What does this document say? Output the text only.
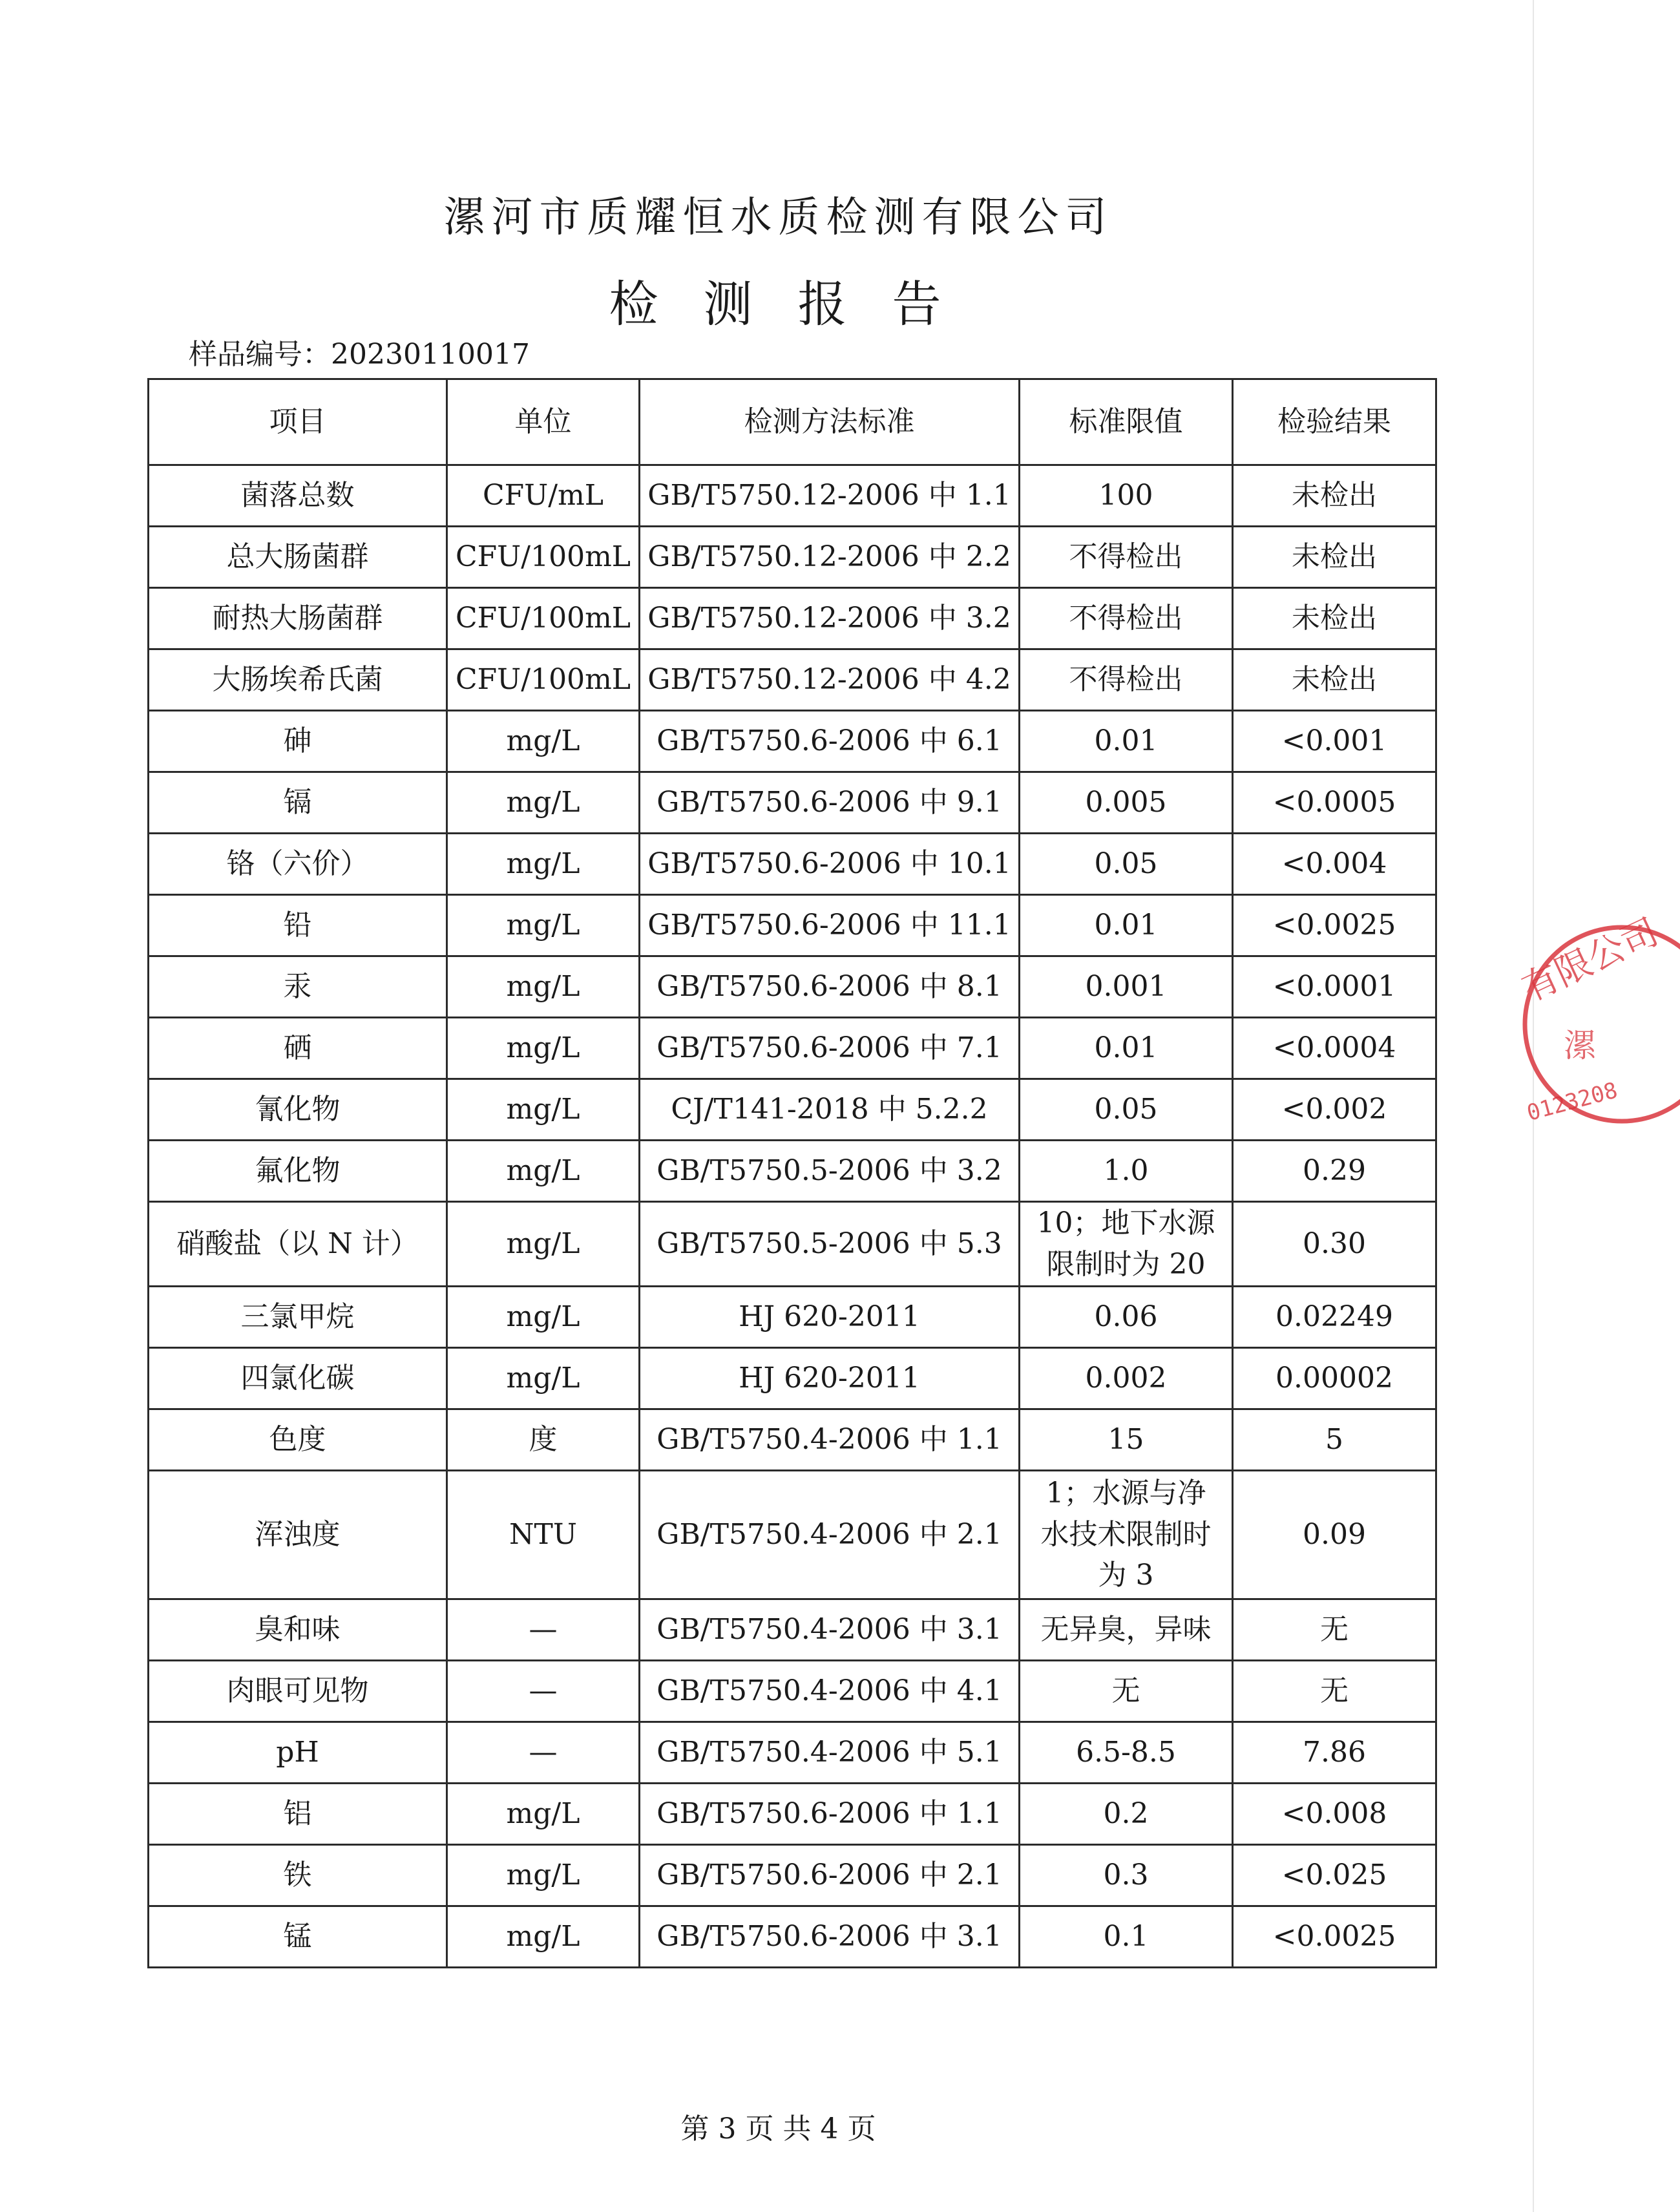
漯河市质耀恒水质检测有限公司
检测报告
样品编号：20230110017
项目	单位	检测方法标准	标准限值	检验结果
菌落总数	CFU/mL	GB/T5750.12-2006 中 1.1	100	未检出
总大肠菌群	CFU/100mL	GB/T5750.12-2006 中 2.2	不得检出	未检出
耐热大肠菌群	CFU/100mL	GB/T5750.12-2006 中 3.2	不得检出	未检出
大肠埃希氏菌	CFU/100mL	GB/T5750.12-2006 中 4.2	不得检出	未检出
砷	mg/L	GB/T5750.6-2006 中 6.1	0.01	<0.001
镉	mg/L	GB/T5750.6-2006 中 9.1	0.005	<0.0005
铬（六价）	mg/L	GB/T5750.6-2006 中 10.1	0.05	<0.004
铅	mg/L	GB/T5750.6-2006 中 11.1	0.01	<0.0025
汞	mg/L	GB/T5750.6-2006 中 8.1	0.001	<0.0001
硒	mg/L	GB/T5750.6-2006 中 7.1	0.01	<0.0004
氰化物	mg/L	CJ/T141-2018 中 5.2.2	0.05	<0.002
氟化物	mg/L	GB/T5750.5-2006 中 3.2	1.0	0.29
硝酸盐（以 N 计）	mg/L	GB/T5750.5-2006 中 5.3	10；地下水源限制时为 20	0.30
三氯甲烷	mg/L	HJ 620-2011	0.06	0.02249
四氯化碳	mg/L	HJ 620-2011	0.002	0.00002
色度	度	GB/T5750.4-2006 中 1.1	15	5
浑浊度	NTU	GB/T5750.4-2006 中 2.1	1；水源与净水技术限制时为 3	0.09
臭和味	—	GB/T5750.4-2006 中 3.1	无异臭，异味	无
肉眼可见物	—	GB/T5750.4-2006 中 4.1	无	无
pH	—	GB/T5750.4-2006 中 5.1	6.5-8.5	7.86
铝	mg/L	GB/T5750.6-2006 中 1.1	0.2	<0.008
铁	mg/L	GB/T5750.6-2006 中 2.1	0.3	<0.025
锰	mg/L	GB/T5750.6-2006 中 3.1	0.1	<0.0025
第 3 页 共 4 页
有限公司
漯
0123208
